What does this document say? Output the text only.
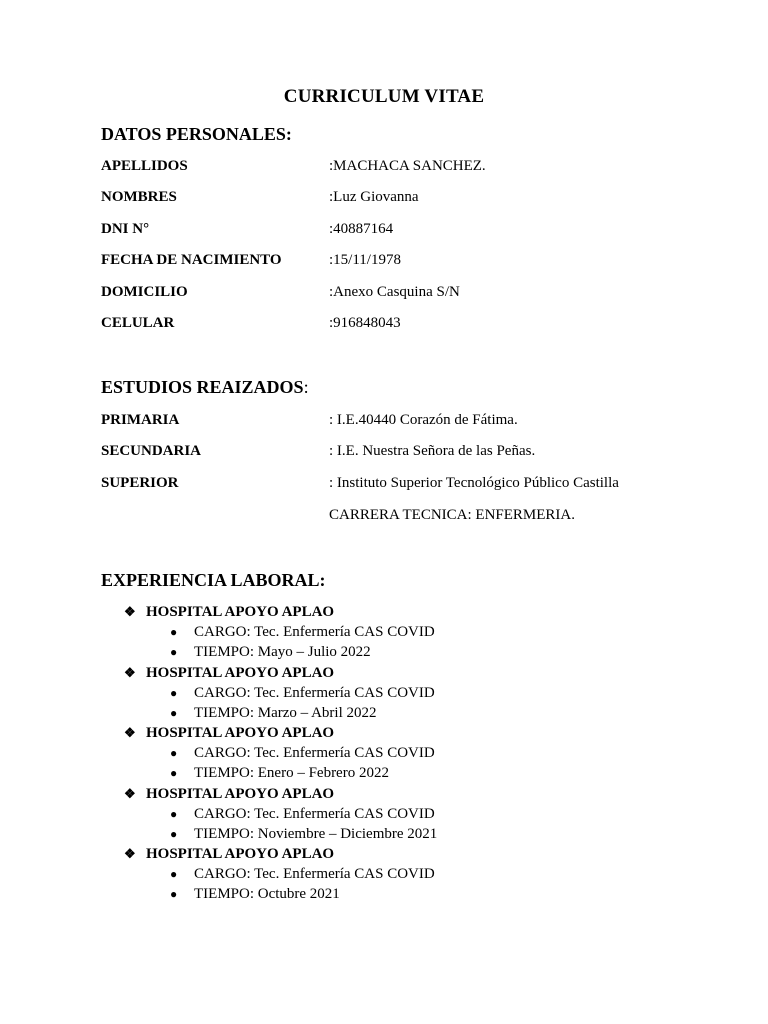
CURRICULUM VITAE
DATOS PERSONALES:
APELLIDOS	:MACHACA SANCHEZ.
NOMBRES	:Luz Giovanna
DNI N°	:40887164
FECHA DE NACIMIENTO	:15/11/1978
DOMICILIO	:Anexo Casquina S/N
CELULAR	:916848043
ESTUDIOS REAIZADOS:
PRIMARIA	: I.E.40440 Corazón de Fátima.
SECUNDARIA	: I.E. Nuestra Señora de las Peñas.
SUPERIOR	: Instituto Superior Tecnológico Público Castilla
CARRERA TECNICA: ENFERMERIA.
EXPERIENCIA LABORAL:
❖ HOSPITAL APOYO APLAO
● CARGO: Tec. Enfermería CAS COVID
● TIEMPO: Mayo – Julio 2022
❖ HOSPITAL APOYO APLAO
● CARGO: Tec. Enfermería CAS COVID
● TIEMPO: Marzo – Abril 2022
❖ HOSPITAL APOYO APLAO
● CARGO: Tec. Enfermería CAS COVID
● TIEMPO: Enero – Febrero 2022
❖ HOSPITAL APOYO APLAO
● CARGO: Tec. Enfermería CAS COVID
● TIEMPO: Noviembre – Diciembre 2021
❖ HOSPITAL APOYO APLAO
● CARGO: Tec. Enfermería CAS COVID
● TIEMPO: Octubre 2021
